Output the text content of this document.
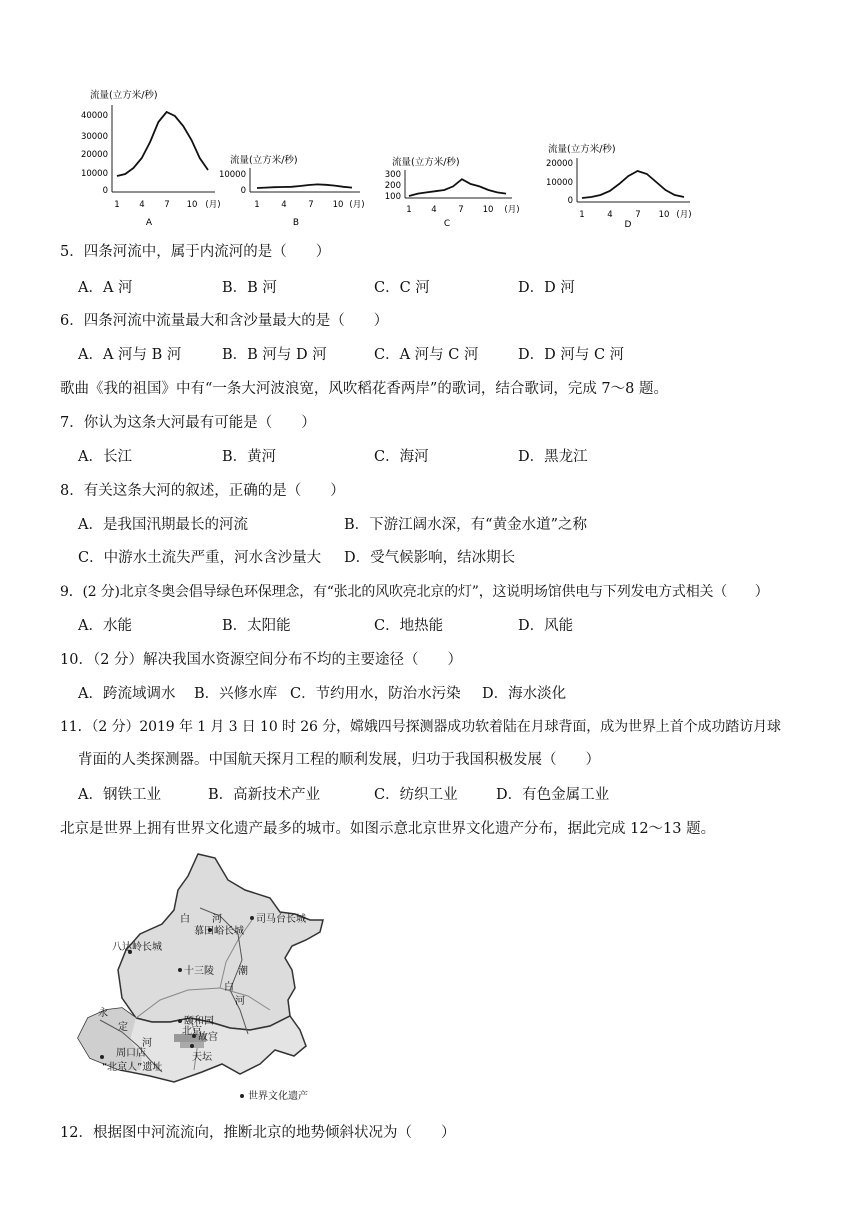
流量(立方米/秒)
40000
30000
20000
10000
0
1 4 7 10 (月)
A
流量(立方米/秒)
10000
0
1	4	7 10 (月)
B
流量(立方米/秒)
300
200
100
1 4	7 10 (月)
C
流量(立方米/秒)
20000
10000
0
1	4	7 10 (月)
D
5．四条河流中，属于内流河的是（　　）
A．A 河	B．B 河	C．C 河	D．D 河
6．四条河流中流量最大和含沙量最大的是（　　）
A．A 河与 B 河	B．B 河与 D 河	C．A 河与 C 河	D．D 河与 C 河
歌曲《我的祖国》中有“一条大河波浪宽，风吹稻花香两岸”的歌词，结合歌词，完成 7～8 题。
7．你认为这条大河最有可能是（　　）
A．长江	B．黄河	C．海河	D．黑龙江
8．有关这条大河的叙述，正确的是（　　）
A．是我国汛期最长的河流	B．下游江阔水深，有“黄金水道”之称
C．中游水土流失严重，河水含沙量大 D．受气候影响，结冰期长
9．(2 分)北京冬奥会倡导绿色环保理念，有“张北的风吹亮北京的灯”，这说明场馆供电与下列发电方式相关（　　）
A．水能	B．太阳能	C．地热能	D．风能
10．（2 分）解决我国水资源空间分布不均的主要途径（　　）
A．跨流域调水 B．兴修水库 C．节约用水，防治水污染 D．海水淡化
11．（2 分）2019 年 1 月 3 日 10 时 26 分，嫦娥四号探测器成功软着陆在月球背面，成为世界上首个成功踏访月球
背面的人类探测器。中国航天探月工程的顺利发展，归功于我国积极发展（　　）
A．钢铁工业	B．高新技术产业	C．纺织工业	D．有色金属工业
北京是世界上拥有世界文化遗产最多的城市。如图示意北京世界文化遗产分布，据此完成 12～13 题。
白 河
慕田峪长城
司马台长城
八达岭长城
十三陵 潮
白
河
永
定
河
颐和园
北京
故宫
天坛
周口店
“北京人”遗址
世界文化遗产
12．根据图中河流流向，推断北京的地势倾斜状况为（　　）
